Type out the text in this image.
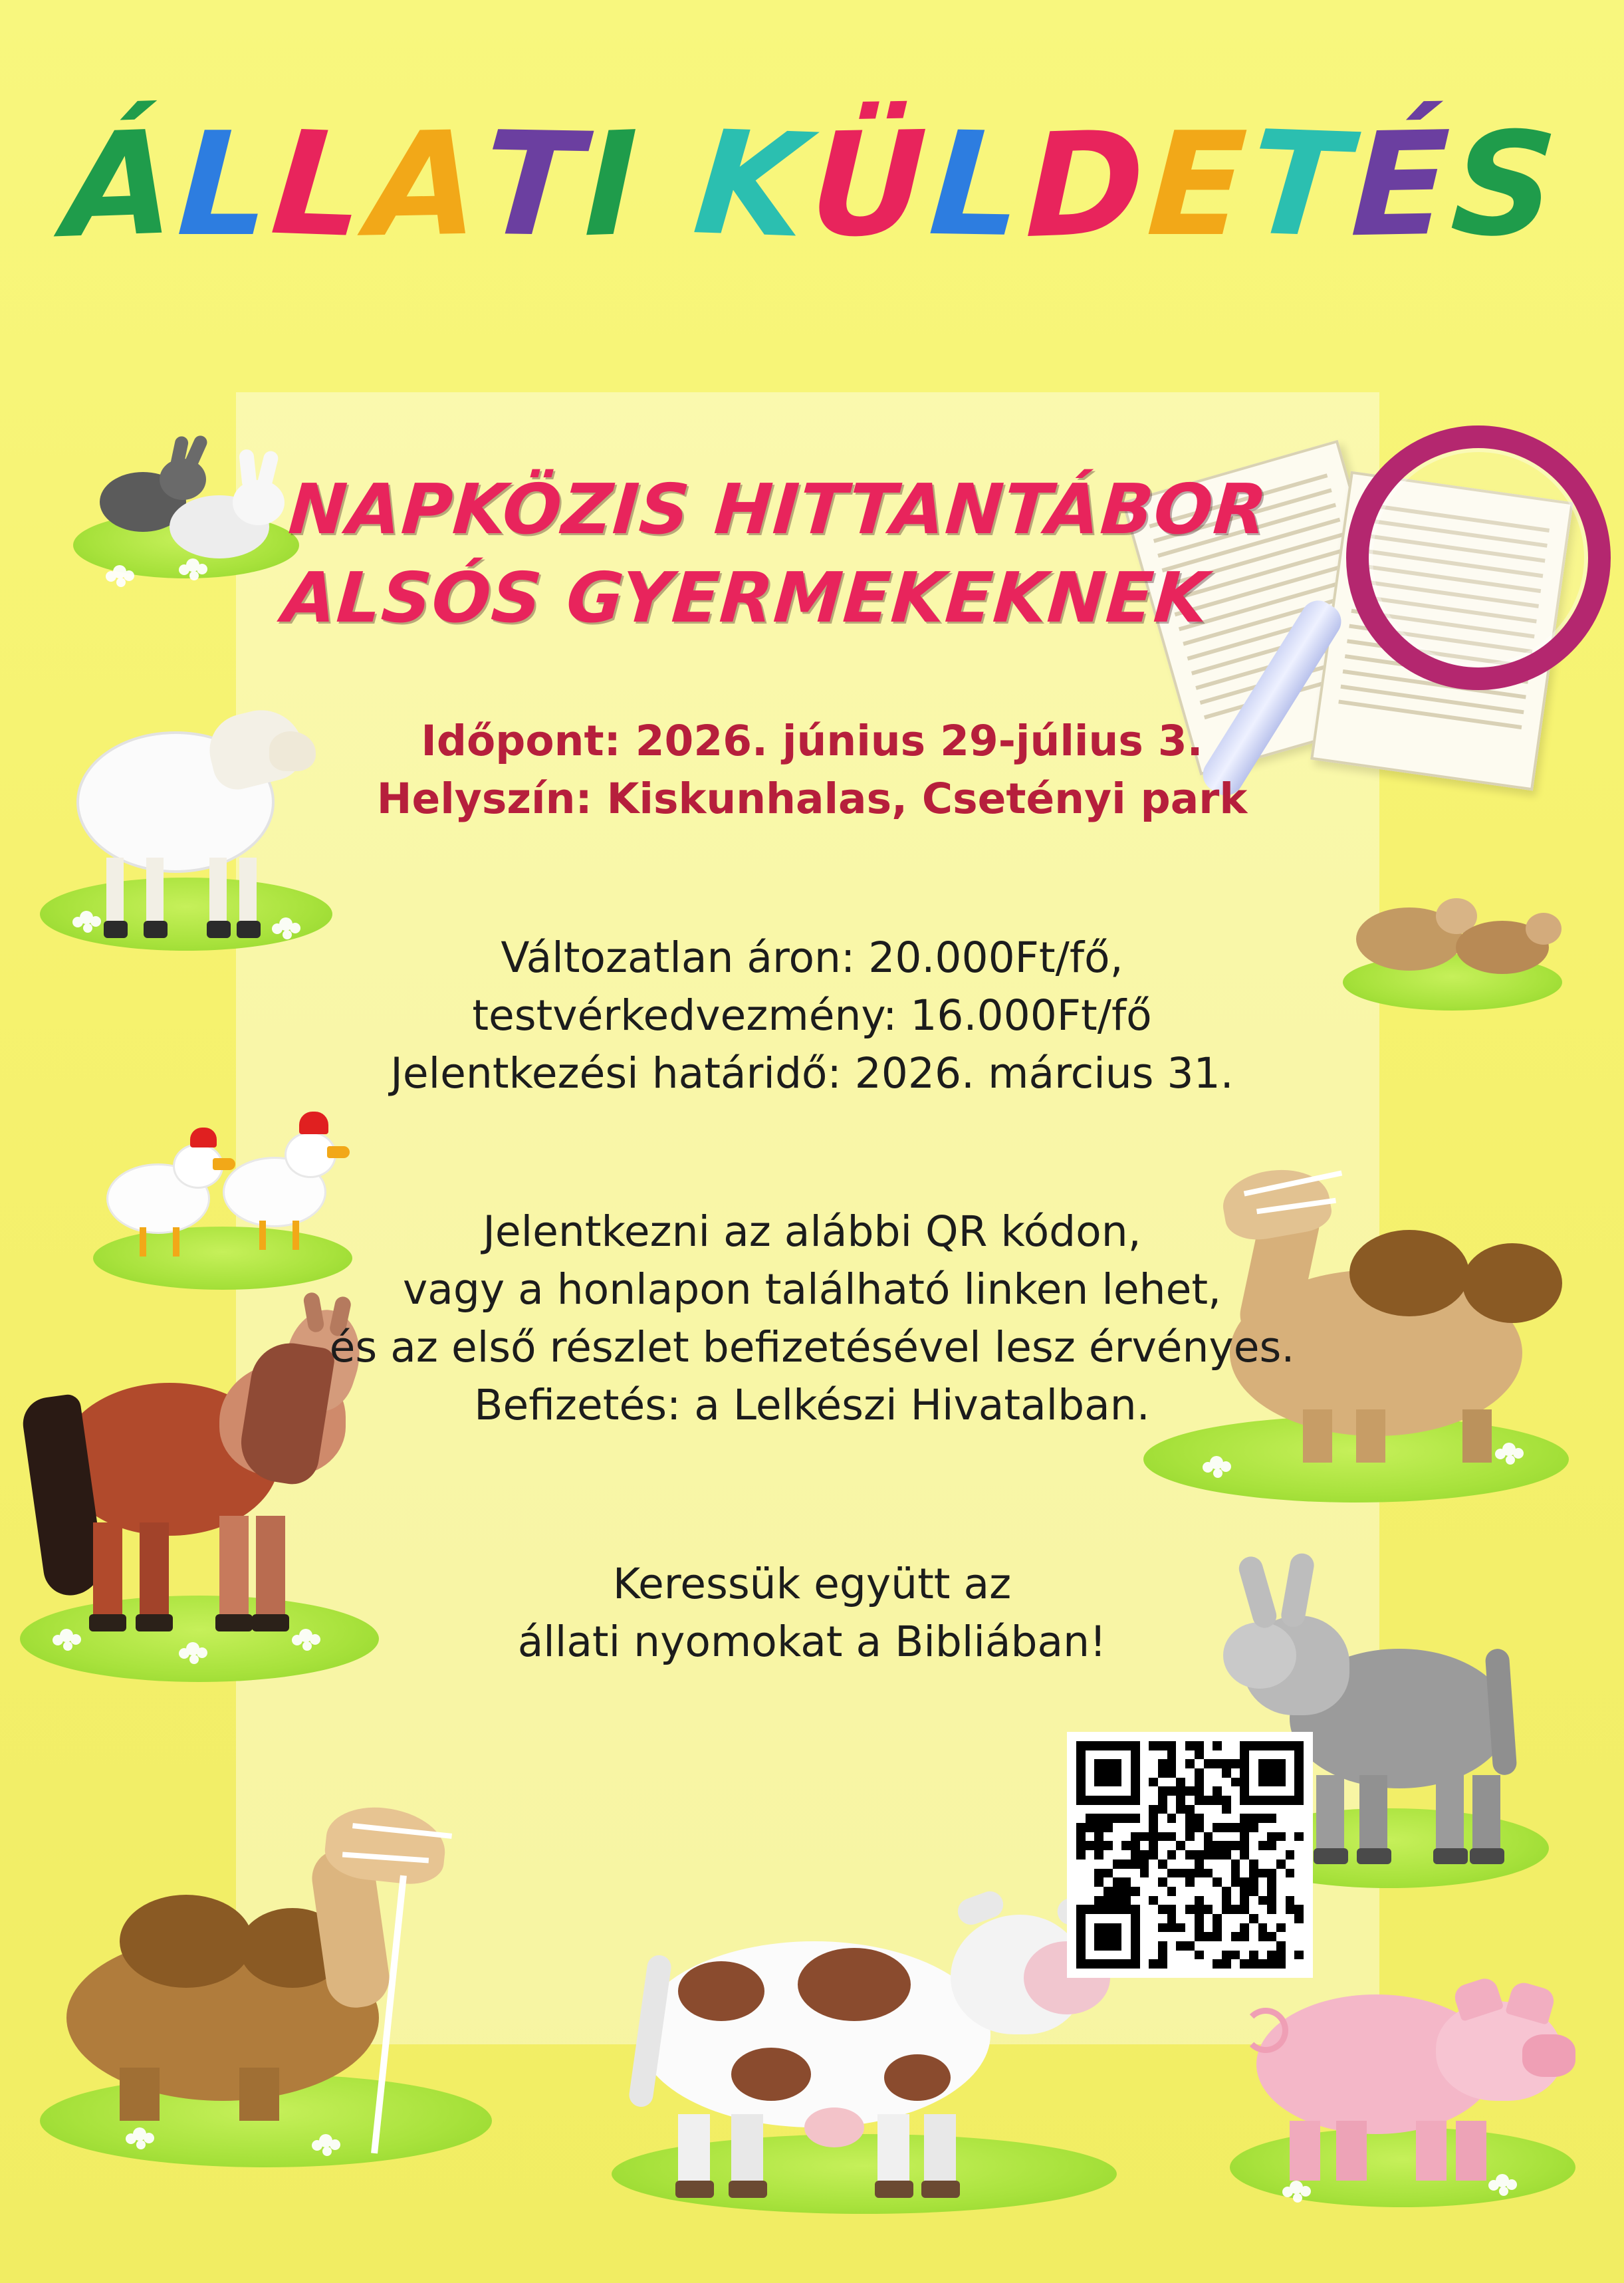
ÁLLATI KÜLDETÉS
NAPKÖZIS HITTANTÁBOR
ALSÓS GYERMEKEKNEK
Időpont: 2026. június 29-július 3.
Helyszín: Kiskunhalas, Csetényi park
Változatlan áron: 20.000Ft/fő,
testvérkedvezmény: 16.000Ft/fő
Jelentkezési határidő: 2026. március 31.
Jelentkezni az alábbi QR kódon,
vagy a honlapon található linken lehet,
és az első részlet befizetésével lesz érvényes.
Befizetés: a Lelkészi Hivatalban.
Keressük együtt az
állati nyomokat a Bibliában!
